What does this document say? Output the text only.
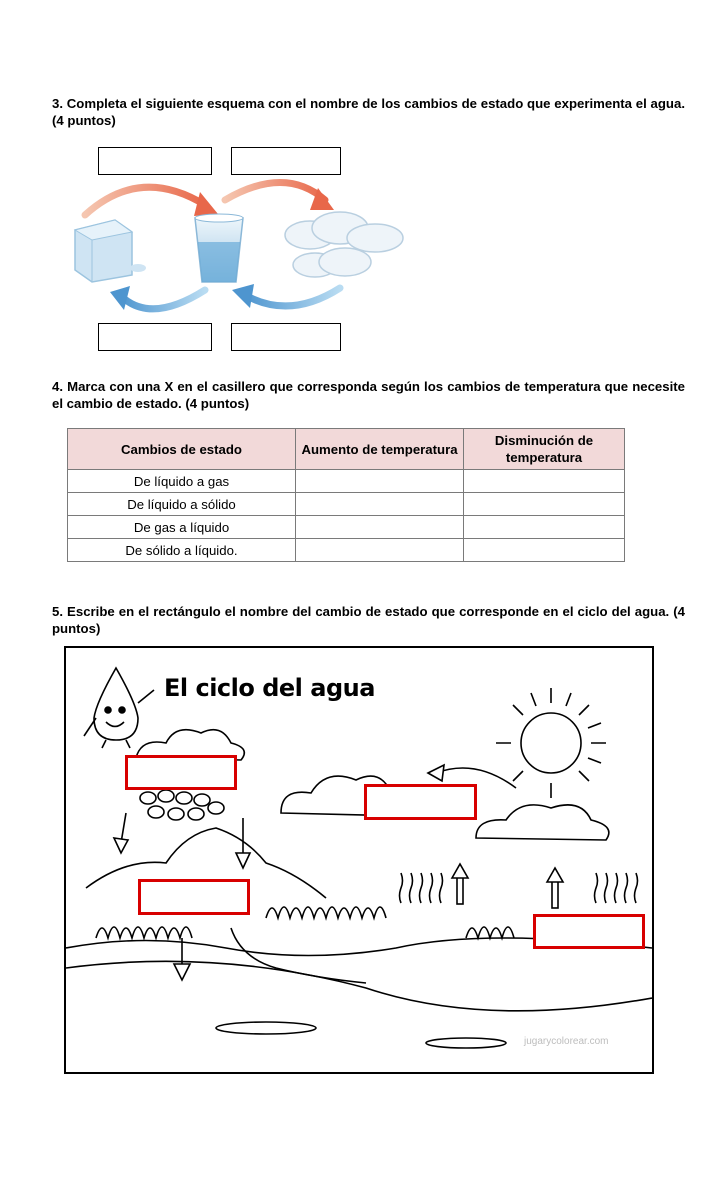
3. Completa el siguiente esquema con el nombre de los cambios de estado que experimenta el agua. (4 puntos)
4. Marca con una X en el casillero que corresponda según los cambios de temperatura que necesite el cambio de estado. (4 puntos)
Cambios de estado	Aumento de temperatura	Disminución de temperatura
De líquido a gas		
De líquido a sólido		
De gas a líquido		
De sólido a líquido.		
5. Escribe en el rectángulo el nombre del cambio de estado que corresponde en el ciclo del agua. (4 puntos)
El ciclo del agua
jugarycolorear.com
